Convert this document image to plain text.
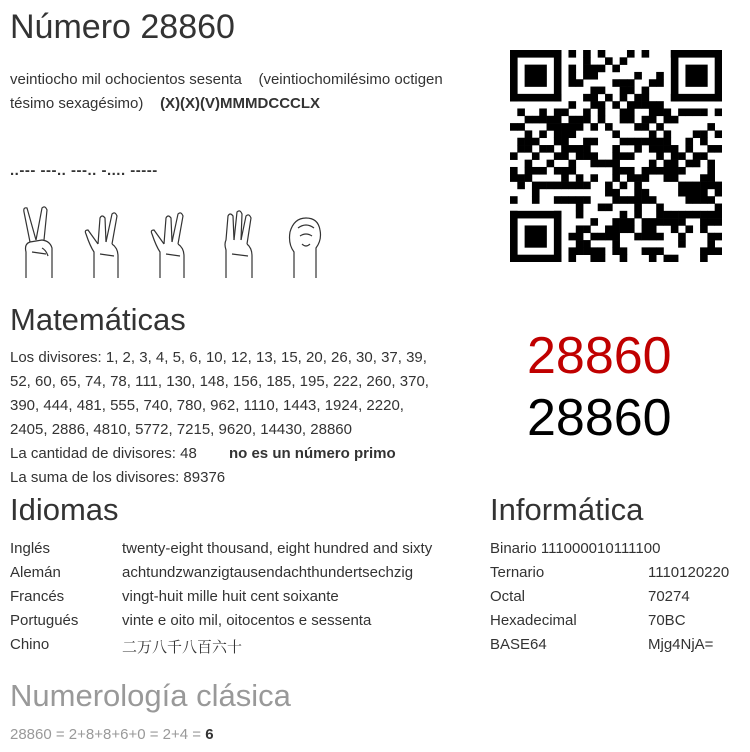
Número 28860
veintiocho mil ochocientos sesenta (veintiochomilésimo octigen
tésimo sexagésimo) (X)(X)(V)MMMDCCCLX
..--- ---.. ---.. -.... -----
Matemáticas
Los divisores: 1, 2, 3, 4, 5, 6, 10, 12, 13, 15, 20, 26, 30, 37, 39,
52, 60, 65, 74, 78, 111, 130, 148, 156, 185, 195, 222, 260, 370,
390, 444, 481, 555, 740, 780, 962, 1110, 1443, 1924, 2220,
2405, 2886, 4810, 5772, 7215, 9620, 14430, 28860
La cantidad de divisores: 48 no es un número primo
La suma de los divisores: 89376
28860
28860
Idiomas
Inglés	twenty-eight thousand, eight hundred and sixty
Alemán	achtundzwanzigtausendachthundertsechzig
Francés	vingt-huit mille huit cent soixante
Portugués	vinte e oito mil, oitocentos e sessenta
Chino	二万八千八百六十
Informática
Binario 111000010111100
Ternario	1110120220
Octal	70274
Hexadecimal	70BC
BASE64	Mjg4NjA=
Numerología clásica
28860 = 2+8+8+6+0 = 2+4 = 6
